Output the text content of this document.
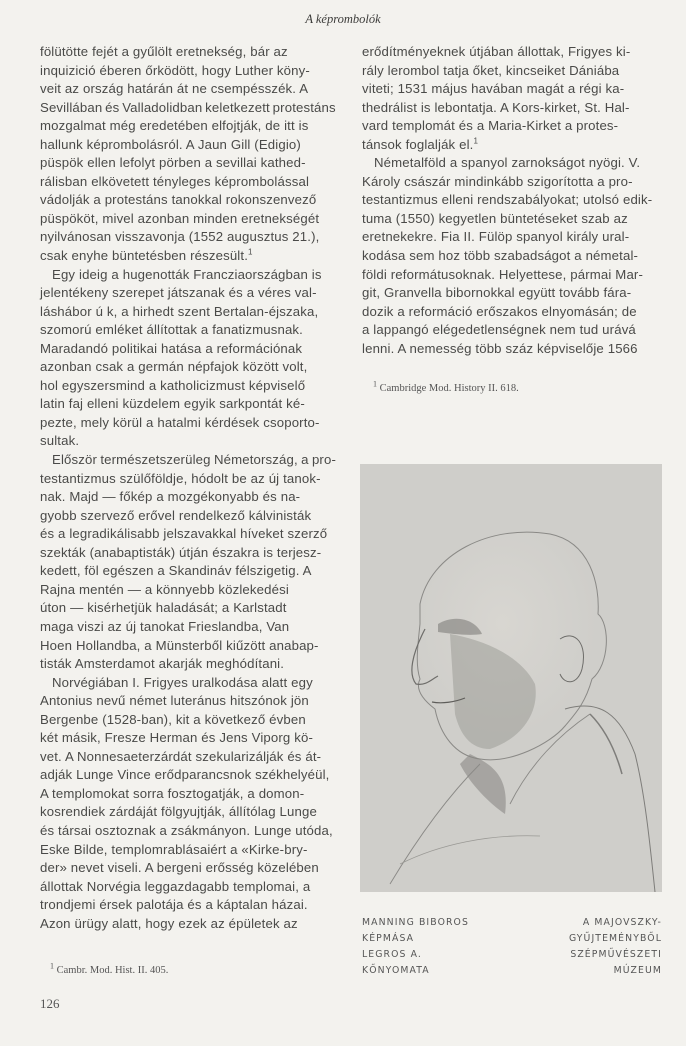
A képrombolók
fölütötte fejét a gyűlölt eretnekség, bár az
inquizició éberen őrködött, hogy Luther köny-
veit az ország határán át ne csempésszék. A
Sevillában és Valladolidban keletkezett protestáns
mozgalmat még eredetében elfojtják, de itt is
hallunk képrombolásról. A Jaun Gill (Edigio)
püspök ellen lefolyt pörben a sevillai kathed-
rálisban elkövetett tényleges képrombolással
vádolják a protestáns tanokkal rokonszenvező
püspököt, mivel azonban minden eretnekségét
nyilvánosan visszavonja (1552 augusztus 21.),
csak enyhe büntetésben részesült.$^1$
Egy ideig a hugenották Francziaországban is
jelentékeny szerepet játszanak és a véres val-
láshábor ú k, a hirhedt szent Bertalan-éjszaka,
szomorú emléket állítottak a fanatizmusnak.
Maradandó politikai hatása a reformációnak
azonban csak a germán népfajok között volt,
hol egyszersmind a katholicizmust képviselő
latin faj elleni küzdelem egyik sarkpontát ké-
pezte, mely körül a hatalmi kérdések csoporto-
sultak.
Először természetszerüleg Németország, a pro-
testantizmus szülőföldje, hódolt be az új tanok-
nak. Majd — főkép a mozgékonyabb és na-
gyobb szervező erővel rendelkező kálvinisták
és a legradikálisabb jelszavakkal híveket szerző
szekták (anabaptisták) útján északra is terjesz-
kedett, föl egészen a Skandináv félszigetig. A
Rajna mentén — a könnyebb közlekedési
úton — kisérhetjük haladását; a Karlstadt
maga viszi az új tanokat Frieslandba, Van
Hoen Hollandba, a Münsterből kiűzött anabap-
tisták Amsterdamot akarják meghódítani.
Norvégiában I. Frigyes uralkodása alatt egy
Antonius nevű német luteránus hitszónok jön
Bergenbe (1528-ban), kit a következő évben
két másik, Fresze Herman és Jens Viporg kö-
vet. A Nonnesaeterzárdát szekularizálják és át-
adják Lunge Vince erődparancsnok székhelyéül,
A templomokat sorra fosztogatják, a domon-
kosrendiek zárdáját fölgyujtják, állítólag Lunge
és társai osztoznak a zsákmányon. Lunge utóda,
Eske Bilde, templomrablásaiért a «Kirke-bry-
der» nevet viseli. A bergeni erősség közelében
állottak Norvégia leggazdagabb templomai, a
trondjemi érsek palotája és a káptalan házai.
Azon ürügy alatt, hogy ezek az épületek az
erődítményeknek útjában állottak, Frigyes ki-
rály lerombol tatja őket, kincseiket Dániába
viteti; 1531 május havában magát a régi ka-
thedrálist is lebontatja. A Kors-kirket, St. Hal-
vard templomát és a Maria-Kirket a protes-
tánsok foglalják el.$^1$
Németalföld a spanyol zarnokságot nyögi. V.
Károly császár mindinkább szigorította a pro-
testantizmus elleni rendszabályokat; utolsó edik-
tuma (1550) kegyetlen büntetéseket szab az
eretnekekre. Fia II. Fülöp spanyol király ural-
kodása sem hoz több szabadságot a németal-
földi reformátusoknak. Helyettese, pármai Mar-
git, Granvella bibornokkal együtt tovább fára-
dozik a reformáció erőszakos elnyomásán; de
a lappangó elégedetlenségnek nem tud urává
lenni. A nemesség több száz képviselője 1566
$^1$ Cambridge Mod. History II. 618.
MANNING BIBOROS
KÉPMÁSA
LEGROS A.
KŐNYOMATA
A MAJOVSZKY-
GYŰJTEMÉNYBŐL
SZÉPMŰVÉSZETI
MÚZEUM
$^1$ Cambr. Mod. Hist. II. 405.
126
